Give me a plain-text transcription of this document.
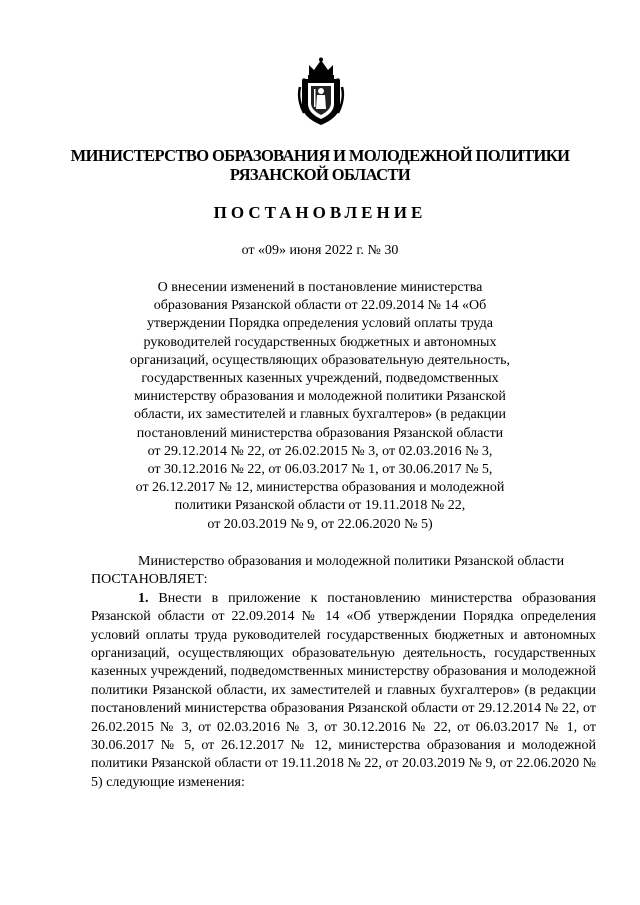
МИНИСТЕРСТВО ОБРАЗОВАНИЯ И МОЛОДЕЖНОЙ ПОЛИТИКИ
РЯЗАНСКОЙ ОБЛАСТИ
ПОСТАНОВЛЕНИЕ
от «09» июня 2022 г. № 30
О внесении изменений в постановление министерства
образования Рязанской области от 22.09.2014 № 14 «Об
утверждении Порядка определения условий оплаты труда
руководителей государственных бюджетных и автономных
организаций, осуществляющих образовательную деятельность,
государственных казенных учреждений, подведомственных
министерству образования и молодежной политики Рязанской
области, их заместителей и главных бухгалтеров» (в редакции
постановлений министерства образования Рязанской области
от 29.12.2014 № 22, от 26.02.2015 № 3, от 02.03.2016 № 3,
от 30.12.2016 № 22, от 06.03.2017 № 1, от 30.06.2017 № 5,
от 26.12.2017 № 12, министерства образования и молодежной
политики Рязанской области от 19.11.2018 № 22,
от 20.03.2019 № 9, от 22.06.2020 № 5)

Министерство образования и молодежной политики Рязанской области

ПОСТАНОВЛЯЕТ:

1. Внести в приложение к постановлению министерства образования Рязанской области от 22.09.2014 № 14 «Об утверждении Порядка определения условий оплаты труда руководителей государственных бюджетных и автономных организаций, осуществляющих образовательную деятельность, государственных казенных учреждений, подведомственных министерству образования и молодежной политики Рязанской области, их заместителей и главных бухгалтеров» (в редакции постановлений министерства образования Рязанской области от 29.12.2014 № 22, от 26.02.2015 № 3, от 02.03.2016 № 3, от 30.12.2016 № 22, от 06.03.2017 № 1, от 30.06.2017 № 5, от 26.12.2017 № 12, министерства образования и молодежной политики Рязанской области от 19.11.2018 № 22, от 20.03.2019 № 9, от 22.06.2020 № 5) следующие изменения:
